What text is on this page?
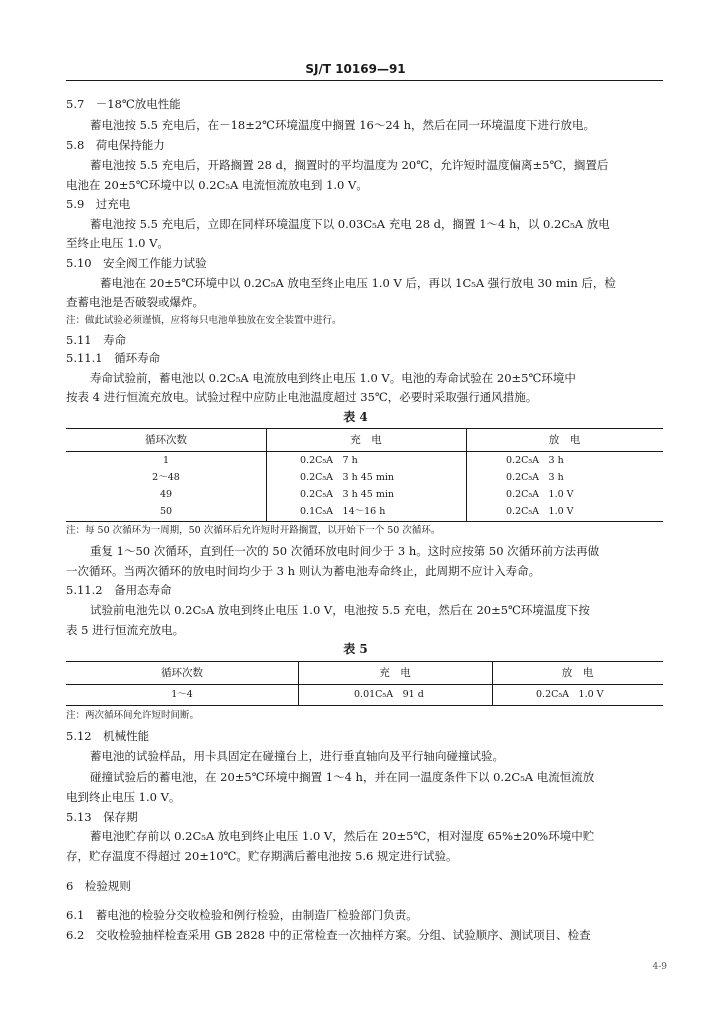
SJ/T 10169—91
5.7　－18℃放电性能
蓄电池按 5.5 充电后，在－18±2℃环境温度中搁置 16～24 h，然后在同一环境温度下进行放电。
5.8　荷电保持能力
蓄电池按 5.5 充电后，开路搁置 28 d，搁置时的平均温度为 20℃，允许短时温度偏离±5℃，搁置后
电池在 20±5℃环境中以 0.2C₅A 电流恒流放电到 1.0 V。
5.9　过充电
蓄电池按 5.5 充电后，立即在同样环境温度下以 0.03C₅A 充电 28 d，搁置 1～4 h，以 0.2C₅A 放电
至终止电压 1.0 V。
5.10　安全阀工作能力试验
蓄电池在 20±5℃环境中以 0.2C₅A 放电至终止电压 1.0 V 后，再以 1C₅A 强行放电 30 min 后，检
查蓄电池是否破裂或爆炸。
注：做此试验必须谨慎，应将每只电池单独放在安全装置中进行。
5.11　寿命
5.11.1　循环寿命
寿命试验前，蓄电池以 0.2C₅A 电流放电到终止电压 1.0 V。电池的寿命试验在 20±5℃环境中
按表 4 进行恒流充放电。试验过程中应防止电池温度超过 35℃，必要时采取强行通风措施。
表 4
循环次数	充　电	放　电
1	0.2C₅A　7 h	0.2C₅A　3 h
2～48	0.2C₅A　3 h 45 min	0.2C₅A　3 h
49	0.2C₅A　3 h 45 min	0.2C₅A　1.0 V
50	0.1C₅A　14～16 h	0.2C₅A　1.0 V
注：每 50 次循环为一周期，50 次循环后允许短时开路搁置，以开始下一个 50 次循环。
重复 1～50 次循环，直到任一次的 50 次循环放电时间少于 3 h。这时应按第 50 次循环前方法再做
一次循环。当两次循环的放电时间均少于 3 h 则认为蓄电池寿命终止，此周期不应计入寿命。
5.11.2　备用态寿命
试验前电池先以 0.2C₅A 放电到终止电压 1.0 V，电池按 5.5 充电，然后在 20±5℃环境温度下按
表 5 进行恒流充放电。
表 5
循环次数	充　电	放　电
1～4	0.01C₅A　91 d	0.2C₅A　1.0 V
注：两次循环间允许短时间断。
5.12　机械性能
蓄电池的试验样品，用卡具固定在碰撞台上，进行垂直轴向及平行轴向碰撞试验。
碰撞试验后的蓄电池，在 20±5℃环境中搁置 1～4 h，并在同一温度条件下以 0.2C₅A 电流恒流放
电到终止电压 1.0 V。
5.13　保存期
蓄电池贮存前以 0.2C₅A 放电到终止电压 1.0 V，然后在 20±5℃，相对湿度 65%±20%环境中贮
存，贮存温度不得超过 20±10℃。贮存期满后蓄电池按 5.6 规定进行试验。
6　检验规则
6.1　蓄电池的检验分交收检验和例行检验，由制造厂检验部门负责。
6.2　交收检验抽样检查采用 GB 2828 中的正常检查一次抽样方案。分组、试验顺序、测试项目、检查
4-9
